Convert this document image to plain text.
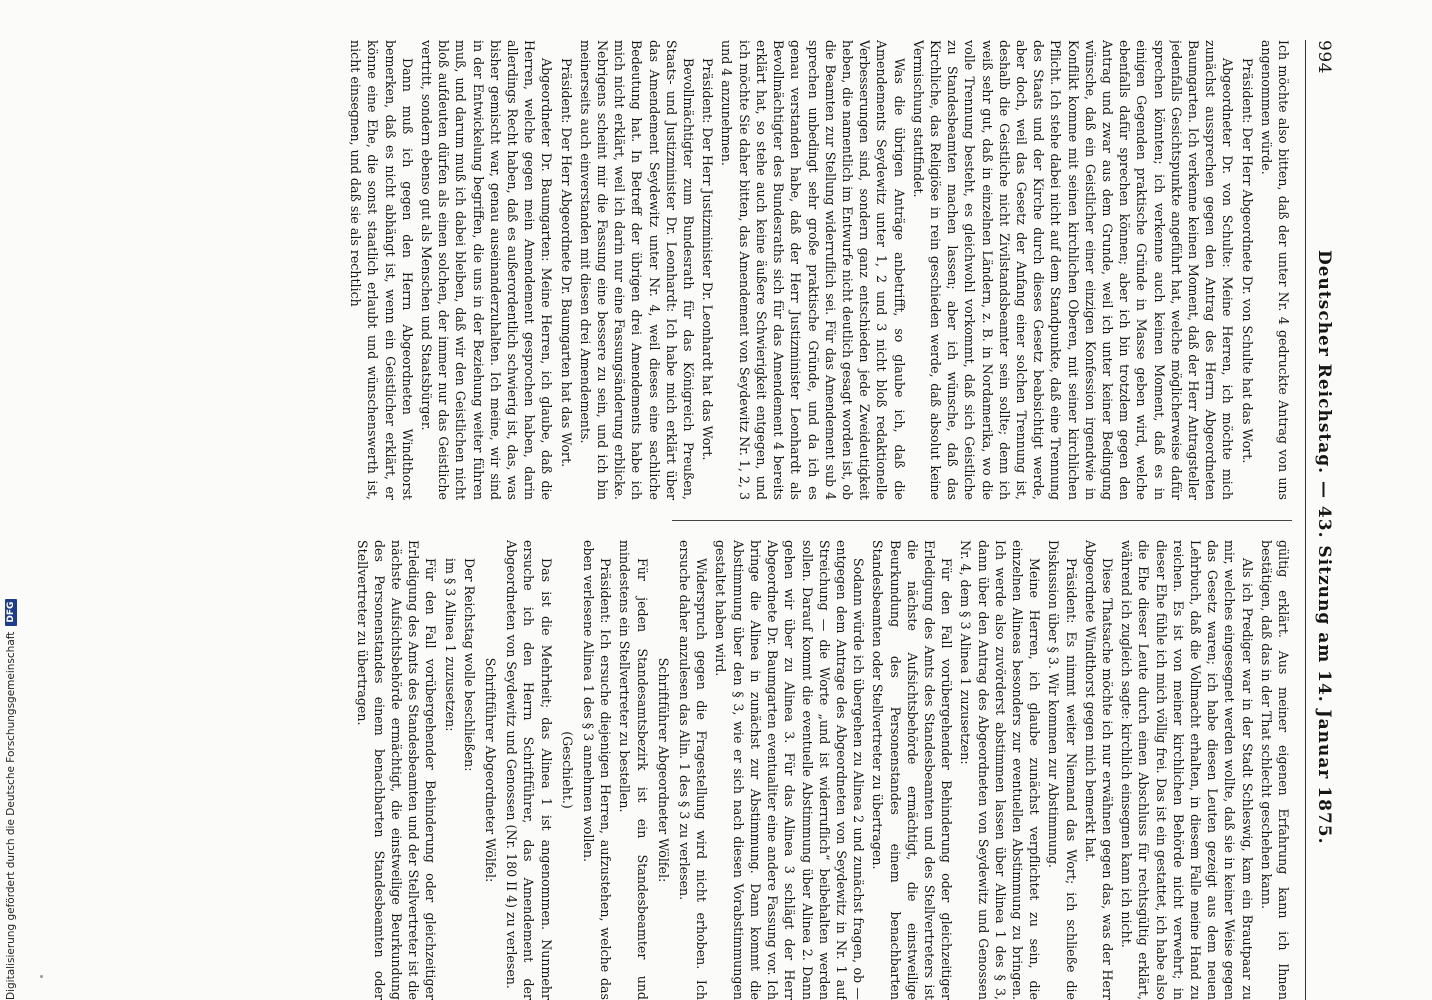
994
Deutscher Reichstag. — 43. Sitzung am 14. Januar 1875.

Ich möchte also bitten, daß der unter Nr. 4 gedruckte Antrag von uns angenommen würde.

Präsident: Der Herr Abgeordnete Dr. von Schulte hat das Wort.

Abgeordneter Dr. von Schulte: Meine Herren, ich möchte mich zunächst aussprechen gegen den Antrag des Herrn Abgeordneten Baumgarten. Ich verkenne keinen Moment, daß der Herr Antragsteller jedenfalls Gesichtspunkte angeführt hat, welche möglicherweise dafür sprechen könnten; ich verkenne auch keinen Moment, daß es in einigen Gegenden praktische Gründe in Masse geben wird, welche ebenfalls dafür sprechen können; aber ich bin trotzdem gegen den Antrag und zwar aus dem Grunde, weil ich unter keiner Bedingung wünsche, daß ein Geistlicher einer einzigen Konfession irgendwie in Konflikt komme mit seinen kirchlichen Oberen, mit seiner kirchlichen Pflicht. Ich stehe dabei nicht auf dem Standpunkte, daß eine Trennung des Staats und der Kirche durch dieses Gesetz beabsichtigt werde, aber doch, weil das Gesetz der Anfang einer solchen Trennung ist, deshalb die Geistliche nicht Zivilstandsbeamter sein sollte; denn ich weiß sehr gut, daß in einzelnen Ländern, z. B. in Nordamerika, wo die volle Trennung besteht, es gleichwohl vorkommt, daß sich Geistliche zu Standesbeamten machen lassen; aber ich wünsche, daß das Kirchliche, das Religiöse in rein geschieden werde, daß absolut keine Vermischung stattfindet.

Was die übrigen Anträge anbetrifft, so glaube ich, daß die Amendements Seydewitz unter 1, 2 und 3 nicht bloß redaktionelle Verbesserungen sind, sondern ganz entschieden jede Zweideutigkeit heben, die namentlich im Entwurfe nicht deutlich gesagt worden ist, ob die Beamten zur Stellung widerruflich sei. Für das Amendement sub 4 sprechen unbedingt sehr große praktische Gründe, und da ich es genau verstanden habe, daß der Herr Justizminister Leonhardt als Bevollmächtigter des Bundesraths sich für das Amendement 4 bereits erklärt hat, so stehe auch keine äußere Schwierigkeit entgegen, und ich möchte Sie daher bitten, das Amendement von Seydewitz Nr. 1, 2, 3 und 4 anzunehmen.

Präsident: Der Herr Justizminister Dr. Leonhardt hat das Wort.

Bevollmächtigter zum Bundesrath für das Königreich Preußen, Staats- und Justizminister Dr. Leonhardt: Ich habe mich erklärt über das Amendement Seydewitz unter Nr. 4, weil dieses eine sachliche Bedeutung hat. In Betreff der übrigen drei Amendements habe ich mich nicht erklärt, weil ich darin nur eine Fassungsänderung erblicke. Nebrigens scheint mir die Fassung eine bessere zu sein, und ich bin meinerseits auch einverstanden mit diesen drei Amendements.

Präsident: Der Herr Abgeordnete Dr. Baumgarten hat das Wort.

Abgeordneter Dr. Baumgarten: Meine Herren, ich glaube, daß die Herren, welche gegen mein Amendement gesprochen haben, darin allerdings Recht haben, daß es außerordentlich schwierig ist, das, was bisher gemischt war, genau auseinanderzuhalten. Ich meine, wir sind in der Entwickelung begriffen, die uns in der Beziehung weiter führen muß, und darum muß ich dabei bleiben, daß wir den Geistlichen nicht bloß aufdeuten dürfen als einen solchen, der immer nur das Geistliche vertritt, sondern ebenso gut als Menschen und Staatsbürger.

Dann muß ich gegen den Herrn Abgeordneten Windthorst bemerken, daß es nicht abhängt ist, wenn ein Geistlicher erklärt, er könne eine Ehe, die sonst staatlich erlaubt und wünschenswerth ist, nicht einsegnen, und daß sie als rechtlich

gültig erklärt. Aus meiner eigenen Erfahrung kann ich Ihnen bestätigen, daß das in der That schlecht geschehen kann.

Als ich Prediger war in der Stadt Schleswig, kam ein Brautpaar zu mir, welches eingesegnet werden wollte, daß sie in keiner Weise gegen das Gesetz waren; ich habe diesen Leuten gezeigt aus dem neuen Lehrbuch, daß die Vollmacht erhalten, in diesem Falle meine Hand zu reichen. Es ist von meiner kirchlichen Behörde nicht verwehrt; in dieser Ehe fühle ich mich völlig frei. Das ist ein gestattet, ich habe also die Ehe dieser Leute durch einen Abschluss für rechtsgültig erklärt, während ich zugleich sagte: kirchlich einsegnen kann ich nicht.

Diese Thatsache möchte ich nur erwähnen gegen das, was der Herr Abgeordnete Windthorst gegen mich bemerkt hat.

Präsident: Es nimmt weiter Niemand das Wort; ich schließe die Diskussion über § 3. Wir kommen zur Abstimmung.

Meine Herren, ich glaube zunächst verpflichtet zu sein, die einzelnen Alineas besonders zur eventuellen Abstimmung zu bringen. Ich werde also zuvörderst abstimmen lassen über Alinea 1 des § 3, dann über den Antrag des Abgeordneten von Seydewitz und Genossen Nr. 4, dem § 3 Alinea 1 zuzusetzen:

Für den Fall vorübergehender Behinderung oder gleichzeitiger Erledigung des Amts des Standesbeamten und des Stellvertreters ist die nächste Aufsichtsbehörde ermächtigt, die einstweilige Beurkundung des Personenstandes einem benachbarten Standesbeamten oder Stellvertreter zu übertragen.

Sodann würde ich übergehen zu Alinea 2 und zunächst fragen, ob — entgegen dem Antrage des Abgeordneten von Seydewitz in Nr. 1 auf Streichung — die Worte „und ist widerruflich“ beibehalten werden sollen. Darauf kommt die eventuelle Abstimmung über Alinea 2. Dann gehen wir über zu Alinea 3. Für das Alinea 3 schlägt der Herr Abgeordnete Dr. Baumgarten eventualiter eine andere Fassung vor. Ich bringe die Alinea in zunächst zur Abstimmung. Dann kommt die Abstimmung über den § 3, wie er sich nach diesen Vorabstimmungen gestaltet haben wird.

Widerspruch gegen die Fragestellung wird nicht erhoben. Ich ersuche daher anzulesen das Alin. 1 des § 3 zu verlesen.

Schriftführer Abgeordneter Wölfel:

Für jeden Standesamtsbezirk ist ein Standesbeamter und mindestens ein Stellvertreter zu bestellen.

Präsident: Ich ersuche diejenigen Herren, aufzustehen, welche das eben verlesene Alinea 1 des § 3 annehmen wollen.

(Geschieht.)

Das ist die Mehrheit; das Alinea 1 ist angenommen. Nunmehr ersuche ich den Herrn Schriftführer, das Amendement der Abgeordneten von Seydewitz und Genossen (Nr. 180 II 4) zu verlesen.

Schriftführer Abgeordneter Wölfel:

Der Reichstag wolle beschließen:

im § 3 Alinea 1 zuzusetzen:

Für den Fall vorübergehender Behinderung oder gleichzeitiger Erledigung des Amts des Standesbeamten und der Stellvertreter ist die nächste Aufsichtsbehörde ermächtigt, die einstweilige Beurkundung des Personenstandes einem benachbarten Standesbeamten oder Stellvertreter zu übertragen.

Digitalisierung gefördert durch die Deutsche Forschungsgemeinschaft
DFG
